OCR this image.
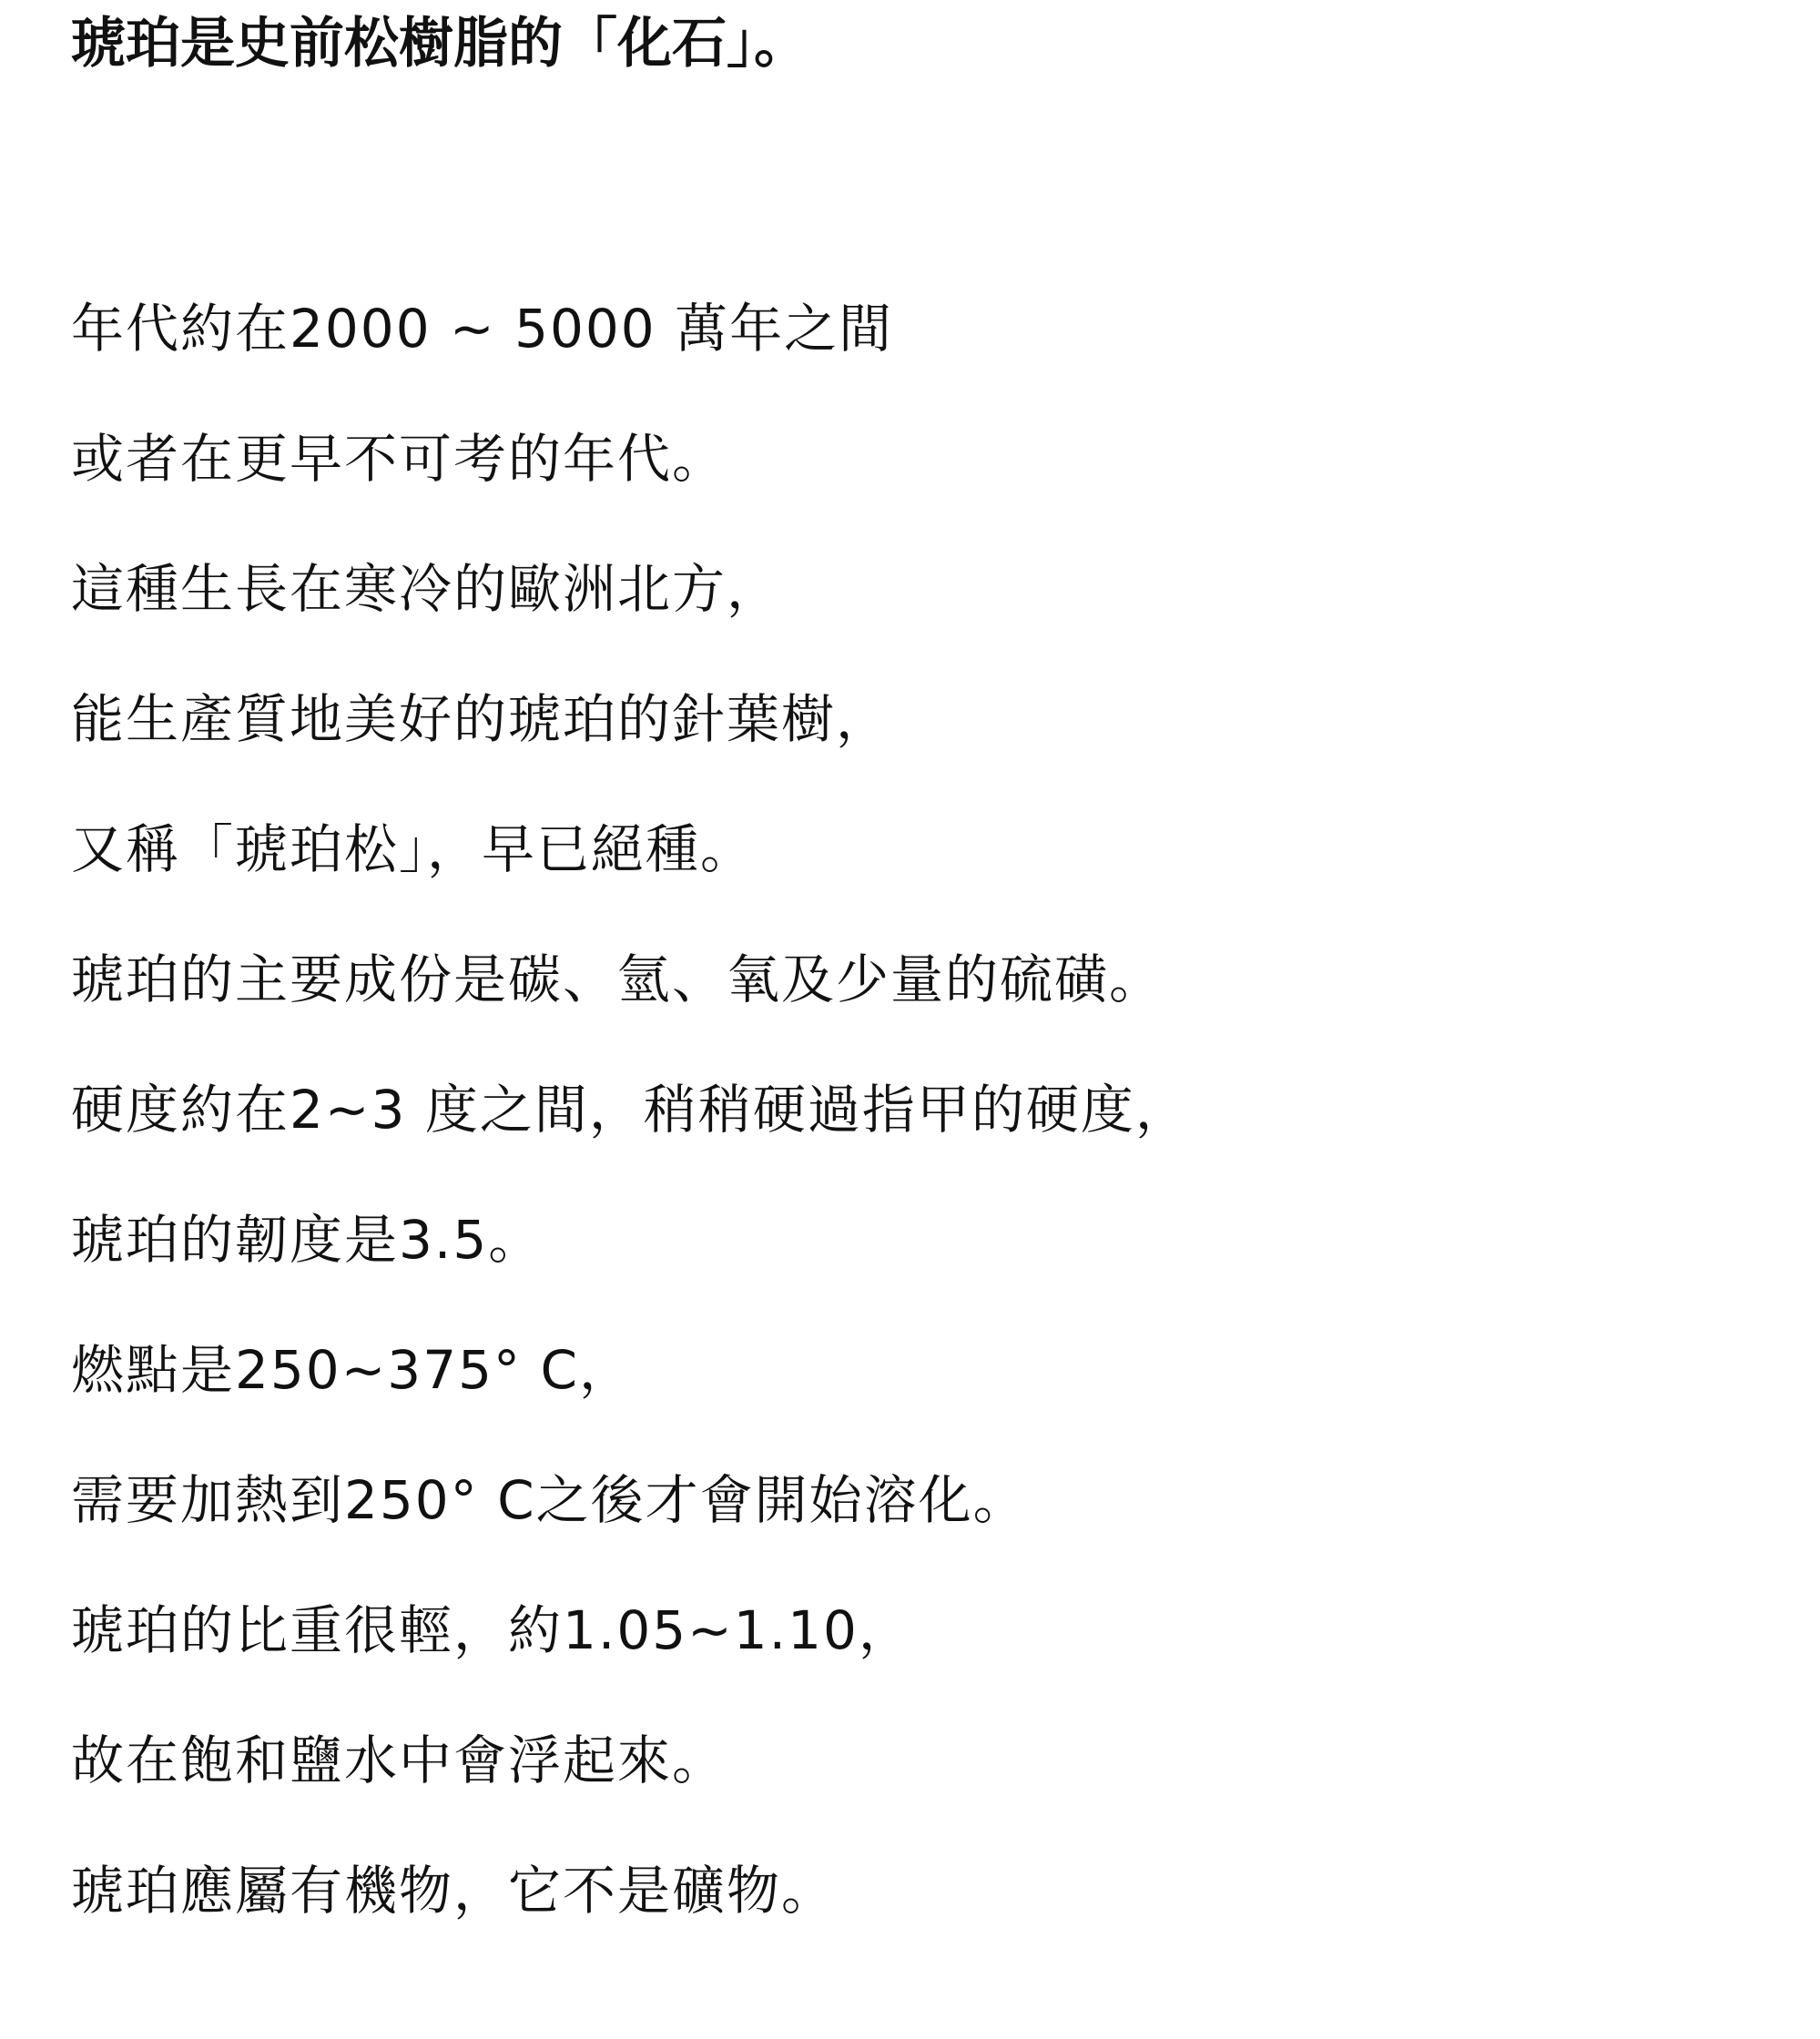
琥珀是史前松樹脂的「化石」。
年代約在2000 ~ 5000 萬年之間
或者在更早不可考的年代。
這種生長在寒冷的歐洲北方，
能生產質地美好的琥珀的針葉樹，
又稱「琥珀松」，早已絕種。
琥珀的主要成份是碳、氫、氧及少量的硫磺。
硬度約在2~3 度之間，稍稍硬過指甲的硬度，
琥珀的韌度是3.5。
燃點是250~375° C，
需要加熱到250° C之後才會開始溶化。
琥珀的比重很輕，約1.05~1.10，
故在飽和鹽水中會浮起來。
琥珀應屬有機物，它不是礦物。
